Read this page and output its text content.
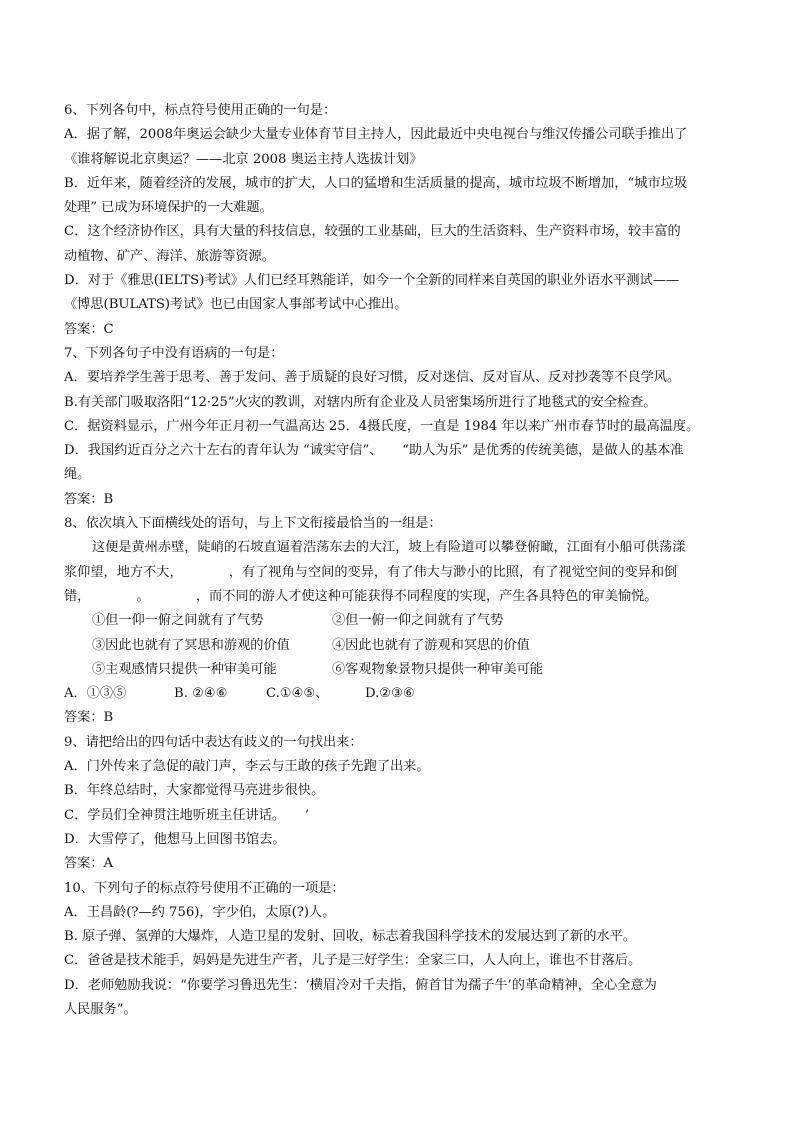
6、下列各句中，标点符号使用正确的一句是：
A．据了解，2008年奥运会缺少大量专业体育节目主持人，因此最近中央电视台与维汉传播公司联手推出了
《谁将解说北京奥运？——北京 2008 奥运主持人选拔计划》
B．近年来，随着经济的发展，城市的扩大，人口的猛增和生活质量的提高，城市垃圾不断增加，“城市垃圾
处理” 已成为环境保护的一大难题。
C．这个经济协作区，具有大量的科技信息，较强的工业基础，巨大的生活资料、生产资料市场，较丰富的
动植物、矿产、海洋、旅游等资源。
D．对于《雅思(IELTS)考试》人们已经耳熟能详，如今一个全新的同样来自英国的职业外语水平测试——
《博思(BULATS)考试》也已由国家人事部考试中心推出。
答案：C
7、下列各句子中没有语病的一句是：
A．要培养学生善于思考、善于发问、善于质疑的良好习惯，反对迷信、反对盲从、反对抄袭等不良学风。
B.有关部门吸取洛阳“12·25”火灾的教训，对辖内所有企业及人员密集场所进行了地毯式的安全检查。
C．据资料显示，广州今年正月初一气温高达 25．4摄氏度，一直是 1984 年以来广州市春节时的最高温度。
D．我国约近百分之六十左右的青年认为 “诚实守信”、　　“助人为乐” 是优秀的传统美德，是做人的基本准
绳。
答案：B
8、依次填入下面横线处的语句，与上下文衔接最恰当的一组是：
这便是黄州赤壁，陡峭的石坡直逼着浩荡东去的大江，坡上有险道可以攀登俯瞰，江面有小船可供荡漾
浆仰望，地方不大，　　　　，有了视角与空间的变异，有了伟大与渺小的比照，有了视觉空间的变异和倒
错，　　　　。　　　　，而不同的游人才使这种可能获得不同程度的实现，产生各具特色的审美愉悦。
①但一仰一俯之间就有了气势	②但一俯一仰之间就有了气势
③因此也就有了冥思和游观的价值	④因此也就有了游观和冥思的价值
⑤主观感情只提供一种审美可能	⑥客观物象景物只提供一种审美可能
A．①③⑤	B. ②④⑥	C.①④⑤、	D.②③⑥
答案：B
9、请把给出的四句话中表达有歧义的一句找出来：
A．门外传来了急促的敲门声，李云与王敢的孩子先跑了出来。
B．年终总结时，大家都觉得马亮进步很快。
C．学员们全神贯注地听班主任讲话。　　’
D．大雪停了，他想马上回图书馆去。
答案：A
10、下列句子的标点符号使用不正确的一项是：
A．王昌龄(?—约 756)，字少伯，太原(?)人。
B. 原子弹、氢弹的大爆炸，人造卫星的发射、回收，标志着我国科学技术的发展达到了新的水平。
C．爸爸是技术能手，妈妈是先进生产者，儿子是三好学生：全家三口，人人向上，谁也不甘落后。
D．老师勉励我说：“你要学习鲁迅先生：‘横眉冷对千夫指，俯首甘为孺子牛’的革命精神，全心全意为
人民服务”。
